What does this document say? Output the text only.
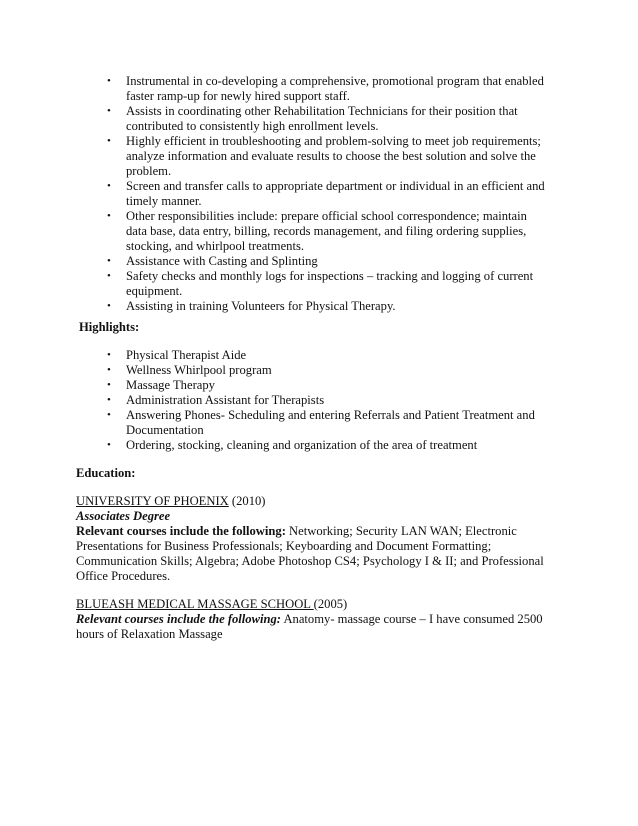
• Instrumental in co-developing a comprehensive, promotional program that enabled faster ramp-up for newly hired support staff.
• Assists in coordinating other Rehabilitation Technicians for their position that contributed to consistently high enrollment levels.
• Highly efficient in troubleshooting and problem-solving to meet job requirements; analyze information and evaluate results to choose the best solution and solve the problem.
• Screen and transfer calls to appropriate department or individual in an efficient and timely manner.
• Other responsibilities include: prepare official school correspondence; maintain data base, data entry, billing, records management, and filing ordering supplies, stocking, and whirlpool treatments.
• Assistance with Casting and Splinting
• Safety checks and monthly logs for inspections – tracking and logging of current equipment.
• Assisting in training Volunteers for Physical Therapy.
Highlights:
• Physical Therapist Aide
• Wellness Whirlpool program
• Massage Therapy
• Administration Assistant for Therapists
• Answering Phones- Scheduling and entering Referrals and Patient Treatment and Documentation
• Ordering, stocking, cleaning and organization of the area of treatment
Education:
UNIVERSITY OF PHOENIX (2010)
Associates Degree
Relevant courses include the following: Networking; Security LAN WAN; Electronic Presentations for Business Professionals; Keyboarding and Document Formatting; Communication Skills; Algebra; Adobe Photoshop CS4; Psychology I & II; and Professional Office Procedures.
BLUEASH MEDICAL MASSAGE SCHOOL (2005)
Relevant courses include the following: Anatomy- massage course – I have consumed 2500 hours of Relaxation Massage
